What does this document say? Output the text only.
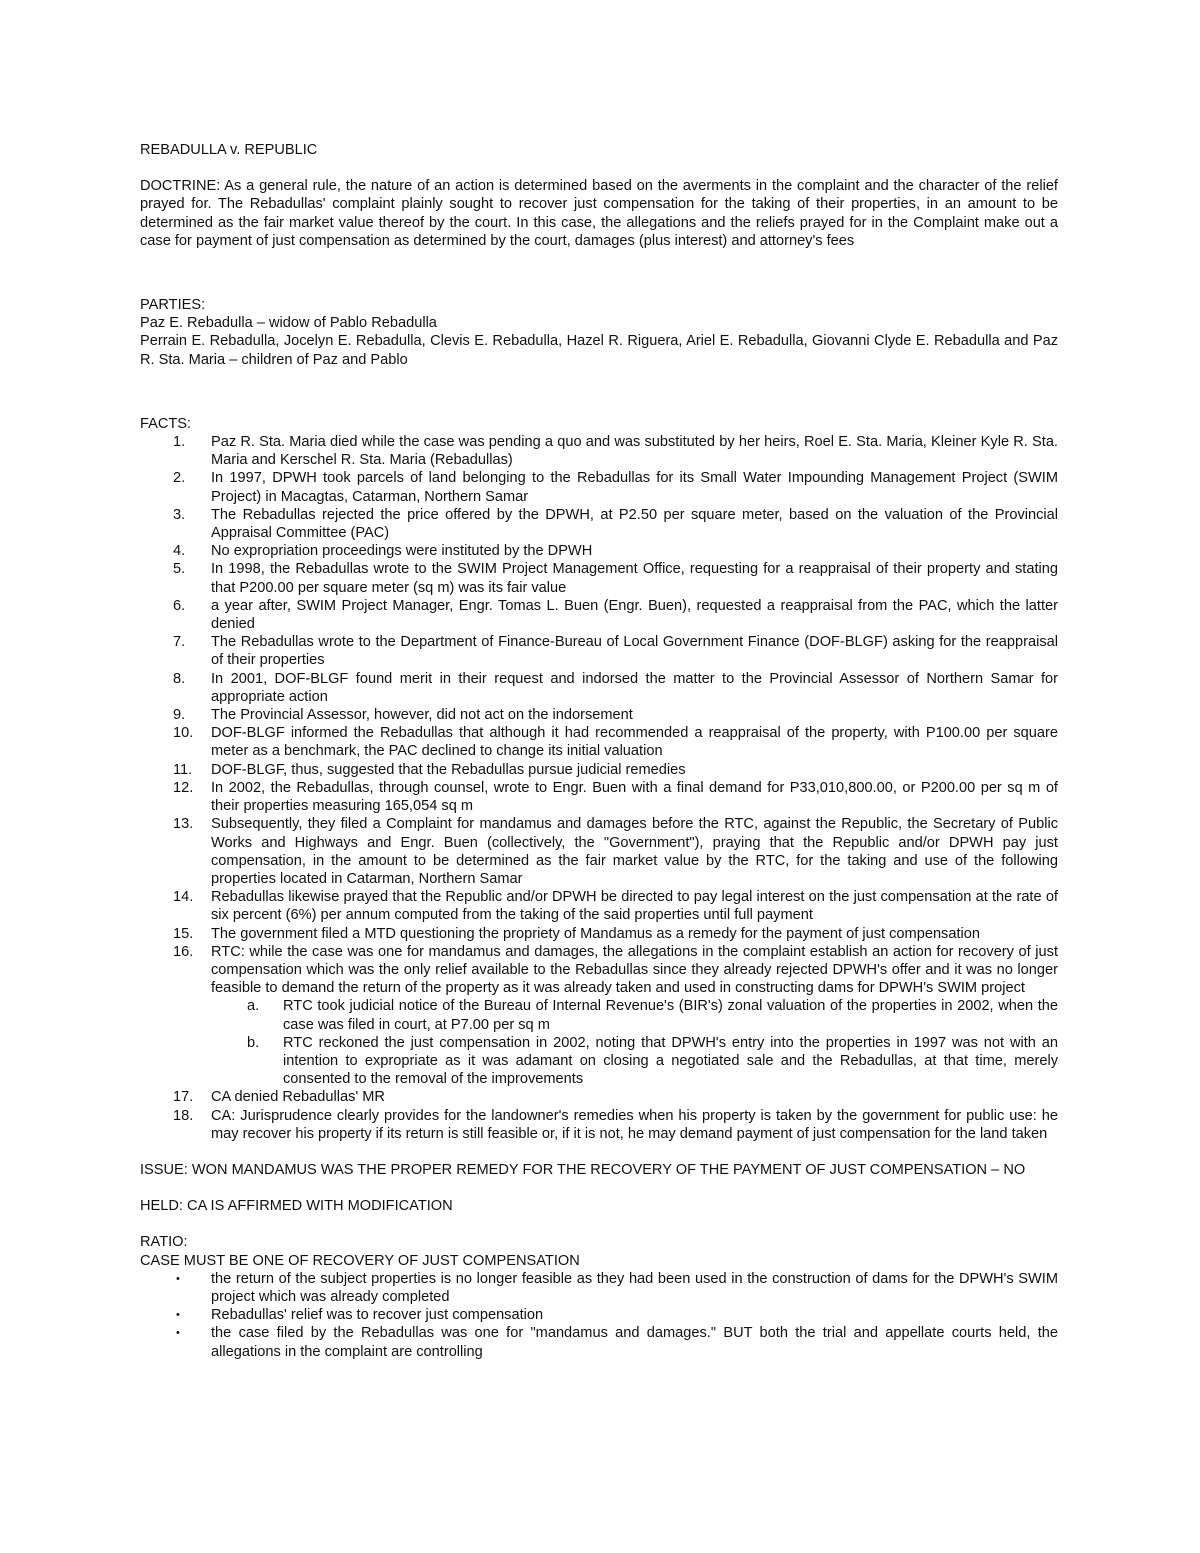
REBADULLA v. REPUBLIC

DOCTRINE: As a general rule, the nature of an action is determined based on the averments in the complaint and the character of the relief prayed for. The Rebadullas' complaint plainly sought to recover just compensation for the taking of their properties, in an amount to be determined as the fair market value thereof by the court. In this case, the allegations and the reliefs prayed for in the Complaint make out a case for payment of just compensation as determined by the court, damages (plus interest) and attorney's fees

PARTIES:

Paz E. Rebadulla – widow of Pablo Rebadulla

Perrain E. Rebadulla, Jocelyn E. Rebadulla, Clevis E. Rebadulla, Hazel R. Riguera, Ariel E. Rebadulla, Giovanni Clyde E. Rebadulla and Paz R. Sta. Maria – children of Paz and Pablo

FACTS:

1. Paz R. Sta. Maria died while the case was pending a quo and was substituted by her heirs, Roel E. Sta. Maria, Kleiner Kyle R. Sta. Maria and Kerschel R. Sta. Maria (Rebadullas)
2. In 1997, DPWH took parcels of land belonging to the Rebadullas for its Small Water Impounding Management Project (SWIM Project) in Macagtas, Catarman, Northern Samar
3. The Rebadullas rejected the price offered by the DPWH, at P2.50 per square meter, based on the valuation of the Provincial Appraisal Committee (PAC)
4. No expropriation proceedings were instituted by the DPWH
5. In 1998, the Rebadullas wrote to the SWIM Project Management Office, requesting for a reappraisal of their property and stating that P200.00 per square meter (sq m) was its fair value
6. a year after, SWIM Project Manager, Engr. Tomas L. Buen (Engr. Buen), requested a reappraisal from the PAC, which the latter denied
7. The Rebadullas wrote to the Department of Finance-Bureau of Local Government Finance (DOF-BLGF) asking for the reappraisal of their properties
8. In 2001, DOF-BLGF found merit in their request and indorsed the matter to the Provincial Assessor of Northern Samar for appropriate action
9. The Provincial Assessor, however, did not act on the indorsement
10. DOF-BLGF informed the Rebadullas that although it had recommended a reappraisal of the property, with P100.00 per square meter as a benchmark, the PAC declined to change its initial valuation
11. DOF-BLGF, thus, suggested that the Rebadullas pursue judicial remedies
12. In 2002, the Rebadullas, through counsel, wrote to Engr. Buen with a final demand for P33,010,800.00, or P200.00 per sq m of their properties measuring 165,054 sq m
13. Subsequently, they filed a Complaint for mandamus and damages before the RTC, against the Republic, the Secretary of Public Works and Highways and Engr. Buen (collectively, the "Government"), praying that the Republic and/or DPWH pay just compensation, in the amount to be determined as the fair market value by the RTC, for the taking and use of the following properties located in Catarman, Northern Samar
14. Rebadullas likewise prayed that the Republic and/or DPWH be directed to pay legal interest on the just compensation at the rate of six percent (6%) per annum computed from the taking of the said properties until full payment
15. The government filed a MTD questioning the propriety of Mandamus as a remedy for the payment of just compensation
16. RTC: while the case was one for mandamus and damages, the allegations in the complaint establish an action for recovery of just compensation which was the only relief available to the Rebadullas since they already rejected DPWH's offer and it was no longer feasible to demand the return of the property as it was already taken and used in constructing dams for DPWH's SWIM project
a. RTC took judicial notice of the Bureau of Internal Revenue's (BIR's) zonal valuation of the properties in 2002, when the case was filed in court, at P7.00 per sq m
b. RTC reckoned the just compensation in 2002, noting that DPWH's entry into the properties in 1997 was not with an intention to expropriate as it was adamant on closing a negotiated sale and the Rebadullas, at that time, merely consented to the removal of the improvements
17. CA denied Rebadullas' MR
18. CA: Jurisprudence clearly provides for the landowner's remedies when his property is taken by the government for public use: he may recover his property if its return is still feasible or, if it is not, he may demand payment of just compensation for the land taken

ISSUE: WON MANDAMUS WAS THE PROPER REMEDY FOR THE RECOVERY OF THE PAYMENT OF JUST COMPENSATION – NO

HELD: CA IS AFFIRMED WITH MODIFICATION

RATIO:

CASE MUST BE ONE OF RECOVERY OF JUST COMPENSATION

• the return of the subject properties is no longer feasible as they had been used in the construction of dams for the DPWH's SWIM project which was already completed
• Rebadullas' relief was to recover just compensation
• the case filed by the Rebadullas was one for "mandamus and damages." BUT both the trial and appellate courts held, the allegations in the complaint are controlling
